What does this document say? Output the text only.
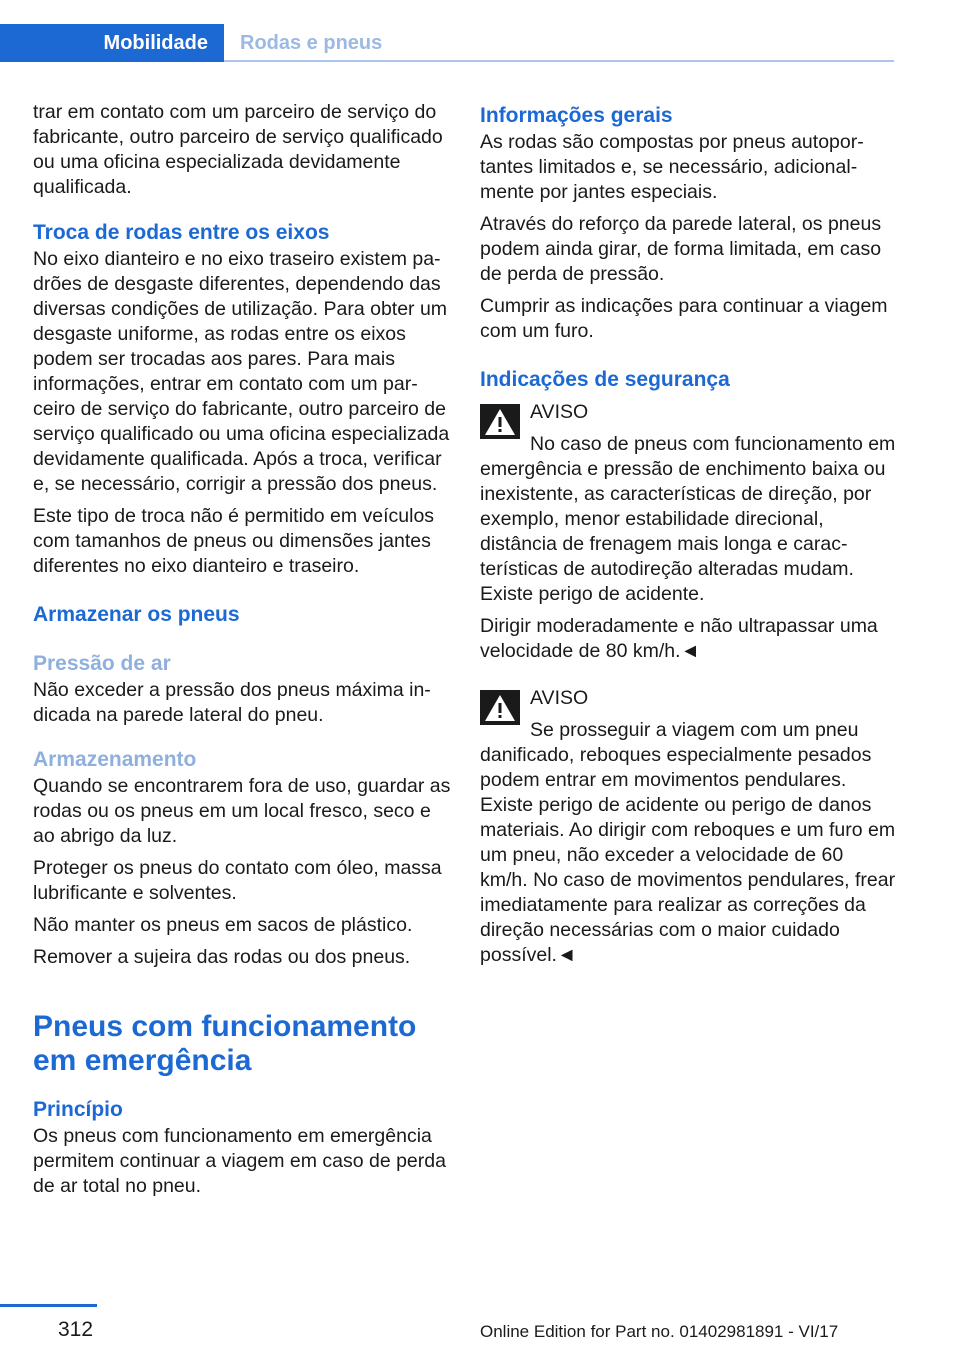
Mobilidade	Rodas e pneus

trar em contato com um parceiro de serviço do fabricante, outro parceiro de serviço qualificado ou uma oficina especializada devidamente qualificada.

Troca de rodas entre os eixos

No eixo dianteiro e no eixo traseiro existem padrões de desgaste diferentes, dependendo das diversas condições de utilização. Para obter um desgaste uniforme, as rodas entre os eixos podem ser trocadas aos pares. Para mais informações, entrar em contato com um parceiro de serviço do fabricante, outro parceiro de serviço qualificado ou uma oficina especializada devidamente qualificada. Após a troca, verificar e, se necessário, corrigir a pressão dos pneus.

Este tipo de troca não é permitido em veículos com tamanhos de pneus ou dimensões jantes diferentes no eixo dianteiro e traseiro.

Armazenar os pneus
Pressão de ar

Não exceder a pressão dos pneus máxima indicada na parede lateral do pneu.

Armazenamento

Quando se encontrarem fora de uso, guardar as rodas ou os pneus em um local fresco, seco e ao abrigo da luz.

Proteger os pneus do contato com óleo, massa lubrificante e solventes.

Não manter os pneus em sacos de plástico.

Remover a sujeira das rodas ou dos pneus.

Pneus com funcionamento em emergência
Princípio

Os pneus com funcionamento em emergência permitem continuar a viagem em caso de perda de ar total no pneu.

Informações gerais

As rodas são compostas por pneus autoportantes limitados e, se necessário, adicionalmente por jantes especiais.

Através do reforço da parede lateral, os pneus podem ainda girar, de forma limitada, em caso de perda de pressão.

Cumprir as indicações para continuar a viagem com um furo.

Indicações de segurança

AVISO

No caso de pneus com funcionamento em emergência e pressão de enchimento baixa ou inexistente, as características de direção, por exemplo, menor estabilidade direcional, distância de frenagem mais longa e características de autodireção alteradas mudam. Existe perigo de acidente.

Dirigir moderadamente e não ultrapassar uma velocidade de 80 km/h.◄

AVISO

Se prosseguir a viagem com um pneu danificado, reboques especialmente pesados podem entrar em movimentos pendulares. Existe perigo de acidente ou perigo de danos materiais. Ao dirigir com reboques e um furo em um pneu, não exceder a velocidade de 60 km/h. No caso de movimentos pendulares, frear imediatamente para realizar as correções da direção necessárias com o maior cuidado possível.◄

312	Online Edition for Part no. 01402981891 - VI/17
